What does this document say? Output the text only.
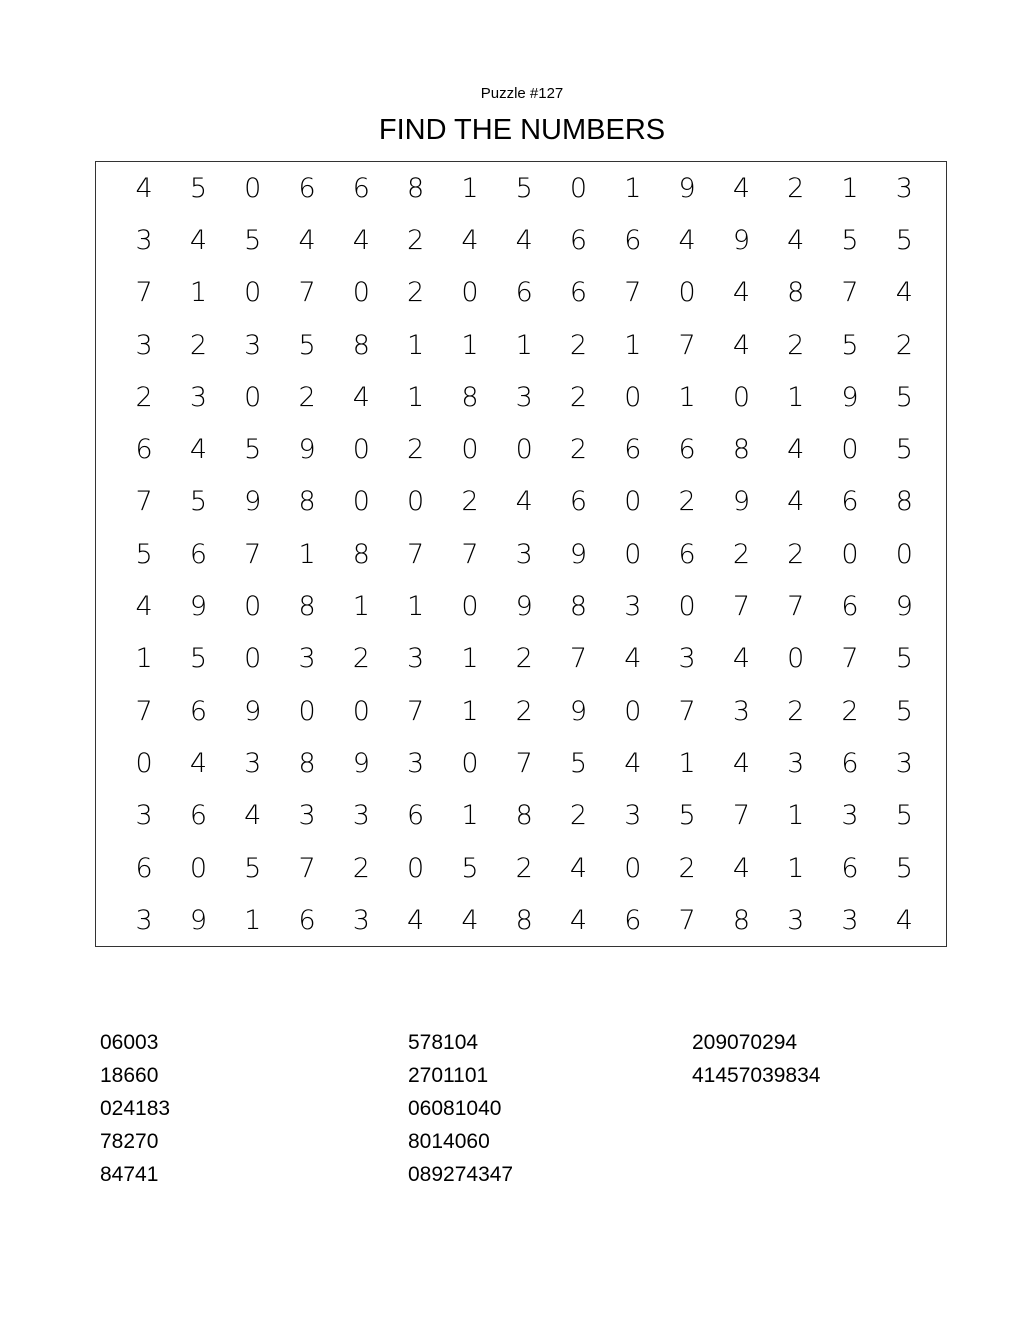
Puzzle #127
FIND THE NUMBERS
4	5	0	6	6	8	1	5	0	1	9	4	2	1	3
3	4	5	4	4	2	4	4	6	6	4	9	4	5	5
7	1	0	7	0	2	0	6	6	7	0	4	8	7	4
3	2	3	5	8	1	1	1	2	1	7	4	2	5	2
2	3	0	2	4	1	8	3	2	0	1	0	1	9	5
6	4	5	9	0	2	0	0	2	6	6	8	4	0	5
7	5	9	8	0	0	2	4	6	0	2	9	4	6	8
5	6	7	1	8	7	7	3	9	0	6	2	2	0	0
4	9	0	8	1	1	0	9	8	3	0	7	7	6	9
1	5	0	3	2	3	1	2	7	4	3	4	0	7	5
7	6	9	0	0	7	1	2	9	0	7	3	2	2	5
0	4	3	8	9	3	0	7	5	4	1	4	3	6	3
3	6	4	3	3	6	1	8	2	3	5	7	1	3	5
6	0	5	7	2	0	5	2	4	0	2	4	1	6	5
3	9	1	6	3	4	4	8	4	6	7	8	3	3	4
06003
18660
024183
78270
84741
578104
2701101
06081040
8014060
089274347
209070294
41457039834
